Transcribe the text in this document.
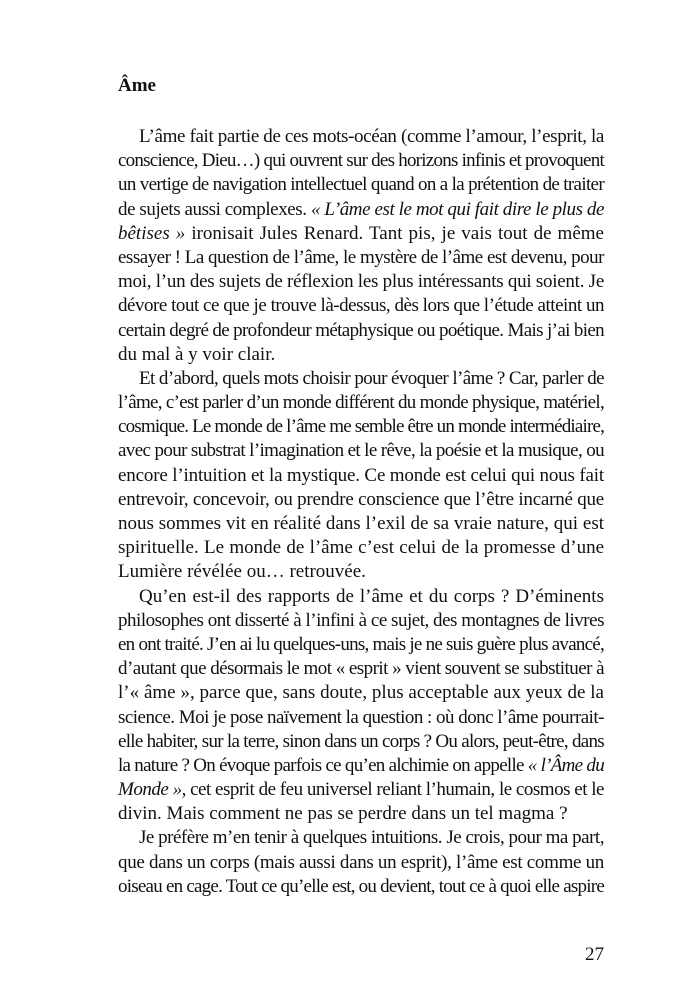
Âme
L’âme fait partie de ces mots-océan (comme l’amour, l’esprit, la
conscience, Dieu…) qui ouvrent sur des horizons infinis et provoquent
un vertige de navigation intellectuel quand on a la prétention de traiter
de sujets aussi complexes. « L’âme est le mot qui fait dire le plus de
bêtises » ironisait Jules Renard. Tant pis, je vais tout de même
essayer ! La question de l’âme, le mystère de l’âme est devenu, pour
moi, l’un des sujets de réflexion les plus intéressants qui soient. Je
dévore tout ce que je trouve là-dessus, dès lors que l’étude atteint un
certain degré de profondeur métaphysique ou poétique. Mais j’ai bien
du mal à y voir clair.
Et d’abord, quels mots choisir pour évoquer l’âme ? Car, parler de
l’âme, c’est parler d’un monde différent du monde physique, matériel,
cosmique. Le monde de l’âme me semble être un monde intermédiaire,
avec pour substrat l’imagination et le rêve, la poésie et la musique, ou
encore l’intuition et la mystique. Ce monde est celui qui nous fait
entrevoir, concevoir, ou prendre conscience que l’être incarné que
nous sommes vit en réalité dans l’exil de sa vraie nature, qui est
spirituelle. Le monde de l’âme c’est celui de la promesse d’une
Lumière révélée ou… retrouvée.
Qu’en est-il des rapports de l’âme et du corps ? D’éminents
philosophes ont disserté à l’infini à ce sujet, des montagnes de livres
en ont traité. J’en ai lu quelques-uns, mais je ne suis guère plus avancé,
d’autant que désormais le mot « esprit » vient souvent se substituer à
l’« âme », parce que, sans doute, plus acceptable aux yeux de la
science. Moi je pose naïvement la question : où donc l’âme pourrait-
elle habiter, sur la terre, sinon dans un corps ? Ou alors, peut-être, dans
la nature ? On évoque parfois ce qu’en alchimie on appelle « l’Âme du
Monde », cet esprit de feu universel reliant l’humain, le cosmos et le
divin. Mais comment ne pas se perdre dans un tel magma ?
Je préfère m’en tenir à quelques intuitions. Je crois, pour ma part,
que dans un corps (mais aussi dans un esprit), l’âme est comme un
oiseau en cage. Tout ce qu’elle est, ou devient, tout ce à quoi elle aspire
27
